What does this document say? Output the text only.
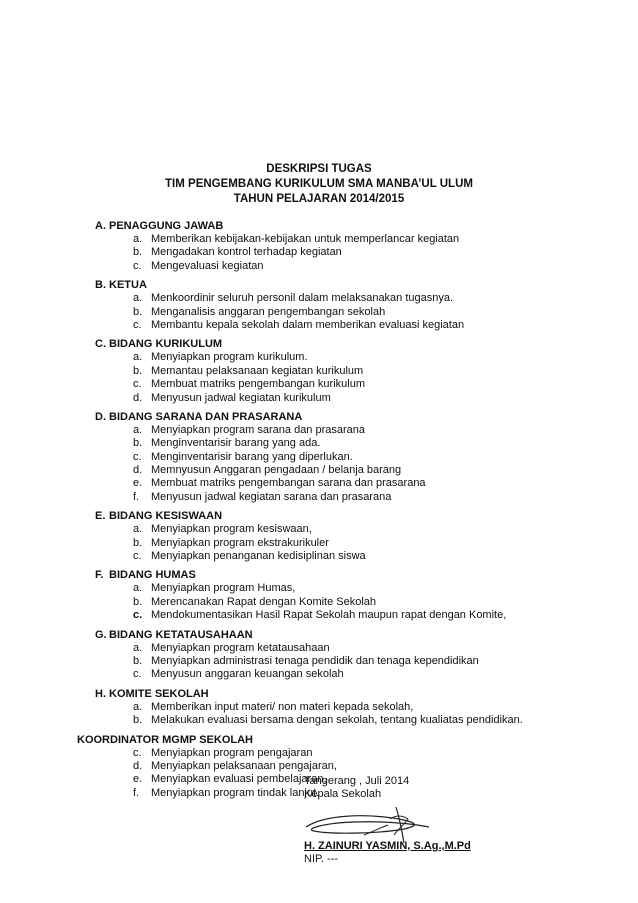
DESKRIPSI TUGAS
TIM PENGEMBANG KURIKULUM SMA MANBA’UL ULUM
TAHUN PELAJARAN 2014/2015
A. PENAGGUNG JAWAB
a. Memberikan kebijakan-kebijakan untuk memperlancar kegiatan
b. Mengadakan kontrol terhadap kegiatan
c. Mengevaluasi kegiatan
B. KETUA
a. Menkoordinir seluruh personil dalam melaksanakan tugasnya.
b. Menganalisis anggaran pengembangan sekolah
c. Membantu kepala sekolah dalam memberikan evaluasi kegiatan
C. BIDANG KURIKULUM
a. Menyiapkan program kurikulum.
b. Memantau pelaksanaan kegiatan kurikulum
c. Membuat matriks pengembangan kurikulum
d. Menyusun jadwal kegiatan kurikulum
D. BIDANG SARANA DAN PRASARANA
a. Menyiapkan program sarana dan prasarana
b. Menginventarisir barang yang ada.
c. Menginventarisir barang yang diperlukan.
d. Memnyusun Anggaran pengadaan / belanja barang
e. Membuat matriks pengembangan sarana dan prasarana
f.	Menyusun jadwal kegiatan sarana dan prasarana
E. BIDANG KESISWAAN
a. Menyiapkan program kesiswaan,
b. Menyiapkan program ekstrakurikuler
c. Menyiapkan penanganan kedisiplinan siswa
F. BIDANG HUMAS
a. Menyiapkan program Humas,
b. Merencanakan Rapat dengan Komite Sekolah
c. Mendokumentasikan Hasil Rapat Sekolah maupun rapat dengan Komite,
G. BIDANG KETATAUSAHAAN
a. Menyiapkan program ketatausahaan
b. Menyiapkan administrasi tenaga pendidik dan tenaga kependidikan
c. Menyusun anggaran keuangan sekolah
H. KOMITE SEKOLAH
a. Memberikan input materi/ non materi kepada sekolah,
b. Melakukan evaluasi bersama dengan sekolah, tentang kualiatas pendidikan.
KOORDINATOR MGMP SEKOLAH
c. Menyiapkan program pengajaran
d. Menyiapkan pelaksanaan pengajaran,
e. Menyiapkan evaluasi pembelajaran,
f.	Menyiapkan program tindak lanjut.
Tangerang , Juli 2014
Kepala Sekolah
H. ZAINURI YASMIN, S.Ag.,M.Pd
NIP. ---
